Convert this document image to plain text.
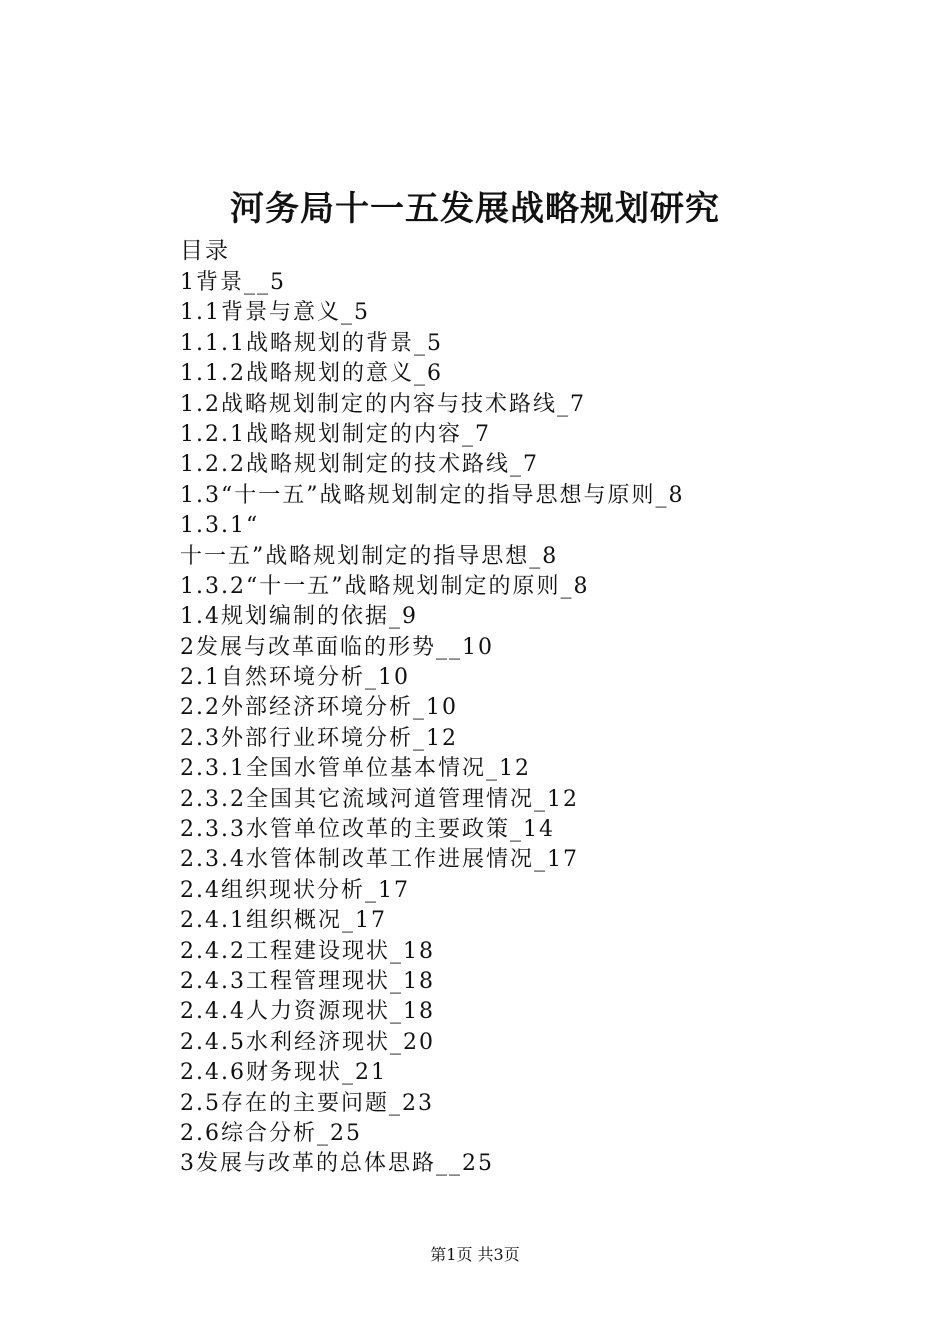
河务局十一五发展战略规划研究
目录
1背景__5
1.1背景与意义_5
1.1.1战略规划的背景_5
1.1.2战略规划的意义_6
1.2战略规划制定的内容与技术路线_7
1.2.1战略规划制定的内容_7
1.2.2战略规划制定的技术路线_7
1.3“十一五”战略规划制定的指导思想与原则_8
1.3.1“
十一五”战略规划制定的指导思想_8
1.3.2“十一五”战略规划制定的原则_8
1.4规划编制的依据_9
2发展与改革面临的形势__10
2.1自然环境分析_10
2.2外部经济环境分析_10
2.3外部行业环境分析_12
2.3.1全国水管单位基本情况_12
2.3.2全国其它流域河道管理情况_12
2.3.3水管单位改革的主要政策_14
2.3.4水管体制改革工作进展情况_17
2.4组织现状分析_17
2.4.1组织概况_17
2.4.2工程建设现状_18
2.4.3工程管理现状_18
2.4.4人力资源现状_18
2.4.5水利经济现状_20
2.4.6财务现状_21
2.5存在的主要问题_23
2.6综合分析_25
3发展与改革的总体思路__25
第1页 共3页
